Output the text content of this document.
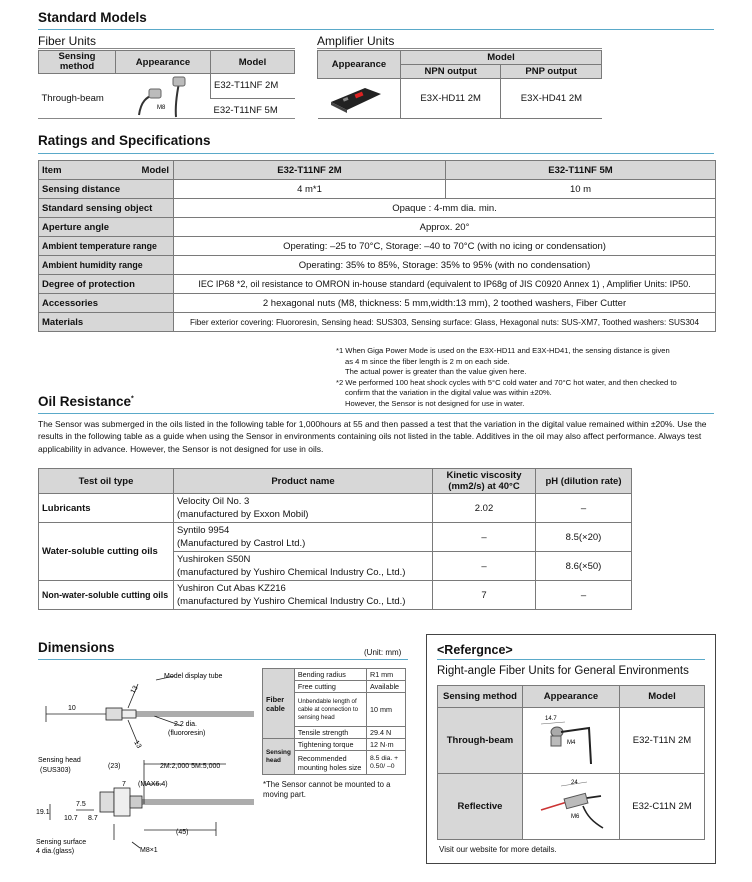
Standard Models
Fiber Units
Sensing method	Appearance	Model
Through-beam	M8	E32-T11NF 2M
		E32-T11NF 5M
Amplifier Units
Appearance	Model	
	NPN output	PNP output
	E3X-HD11 2M	E3X-HD41 2M
Ratings and Specifications
Item Model	E32-T11NF 2M	E32-T11NF 5M
Sensing distance	4 m*1	10 m
Standard sensing object	Opaque : 4-mm dia. min.	
Aperture angle	Approx. 20°	
Ambient temperature range	Operating: –25 to 70°C, Storage: –40 to 70°C (with no icing or condensation)	
Ambient humidity range	Operating: 35% to 85%, Storage: 35% to 95% (with no condensation)	
Degree of protection	IEC IP68 *2, oil resistance to OMRON in-house standard (equivalent to IP68g of JIS C0920 Annex 1) , Amplifier Units: IP50.	
Accessories	2 hexagonal nuts (M8, thickness: 5 mm,width:13 mm), 2 toothed washers, Fiber Cutter	
Materials	Fiber exterior covering: Fluororesin, Sensing head: SUS303, Sensing surface: Glass, Hexagonal nuts: SUS-XM7, Toothed washers: SUS304	
*1 When Giga Power Mode is used on the E3X-HD11 and E3X-HD41, the sensing distance is given
as 4 m since the fiber length is 2 m on each side.
The actual power is greater than the value given here.
*2 We performed 100 heat shock cycles with 5°C cold water and 70°C hot water, and then checked to
confirm that the variation in the digital value was within ±20%.
However, the Sensor is not designed for use in water.
Oil Resistance*
The Sensor was submerged in the oils listed in the following table for 1,000hours at 55 and then passed a test that the variation in the digital value remained within ±20%. Use the results in the following table as a guide when using the Sensor in environments containing oils not listed in the table. Additives in the oil may also affect performance. Always test applicability in advance. However, the Sensor is not designed for use in oils.
Test oil type	Product name	Kinetic viscosity (mm2/s) at 40°C	pH (dilution rate)
Lubricants	Velocity Oil No. 3
(manufactured by Exxon Mobil)	2.02	–
Water-soluble cutting oils	Syntilo 9954
(Manufactured by Castrol Ltd.)	–	8.5(×20)

	Yushiroken S50N
(manufactured by Yushiro Chemical Industry Co., Ltd.)	–	8.6(×50)
Non-water-soluble cutting oils	Yushiron Cut Abas KZ216
(manufactured by Yushiro Chemical Industry Co., Ltd.)	7	–
Dimensions	(Unit: mm)
Model display tube
10
13
13
2.2 dia.
(fluororesin)
Sensing head
(SUS303)
(23)	2M:2,000 5M:5,000
7 (MAX6.4)
19.1
7.5
10.7 8.7
(45)
Sensing surface
4 dia.(glass)	M8×1
Fiber cable	Bending radius	R1 mm
	Free cutting	Available
	Unbendable length of cable at connection to sensing head	10 mm
	Tensile strength	29.4 N
Sensing head	Tightening torque	12 N·m
	Recommended mounting holes size	8.5 dia. + 0.50/ –0
*The Sensor cannot be mounted to a moving part.
<Refergnce>
Right-angle Fiber Units for General Environments
Sensing method	Appearance	Model
Through-beam	14.7
M4	E32-T11N 2M
Reflective	24
M6	E32-C11N 2M
Visit our website for more details.
